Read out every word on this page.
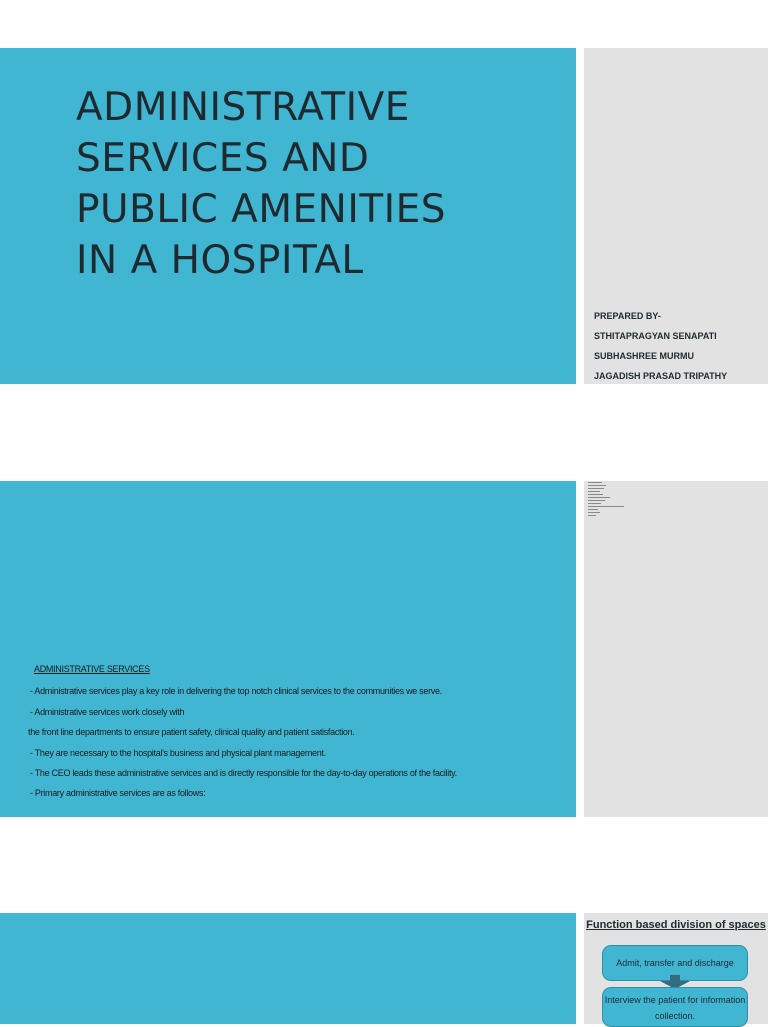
ADMINISTRATIVE
SERVICES AND
PUBLIC AMENITIES
IN A HOSPITAL
PREPARED BY-
STHITAPRAGYAN SENAPATI
SUBHASHREE MURMU
JAGADISH PRASAD TRIPATHY
ADMINISTRATIVE SERVICES
- Administrative services play a key role in delivering the top notch clinical services to the communities we serve.
- Administrative services work closely with
the front line departments to ensure patient safety, clinical quality and patient satisfaction.
- They are necessary to the hospital's business and physical plant management.
- The CEO leads these administrative services and is directly responsible for the day-to-day operations of the facility.
- Primary administrative services are as follows:
Function based division of spaces
Admit, transfer and discharge
Interview the patient for information collection.
